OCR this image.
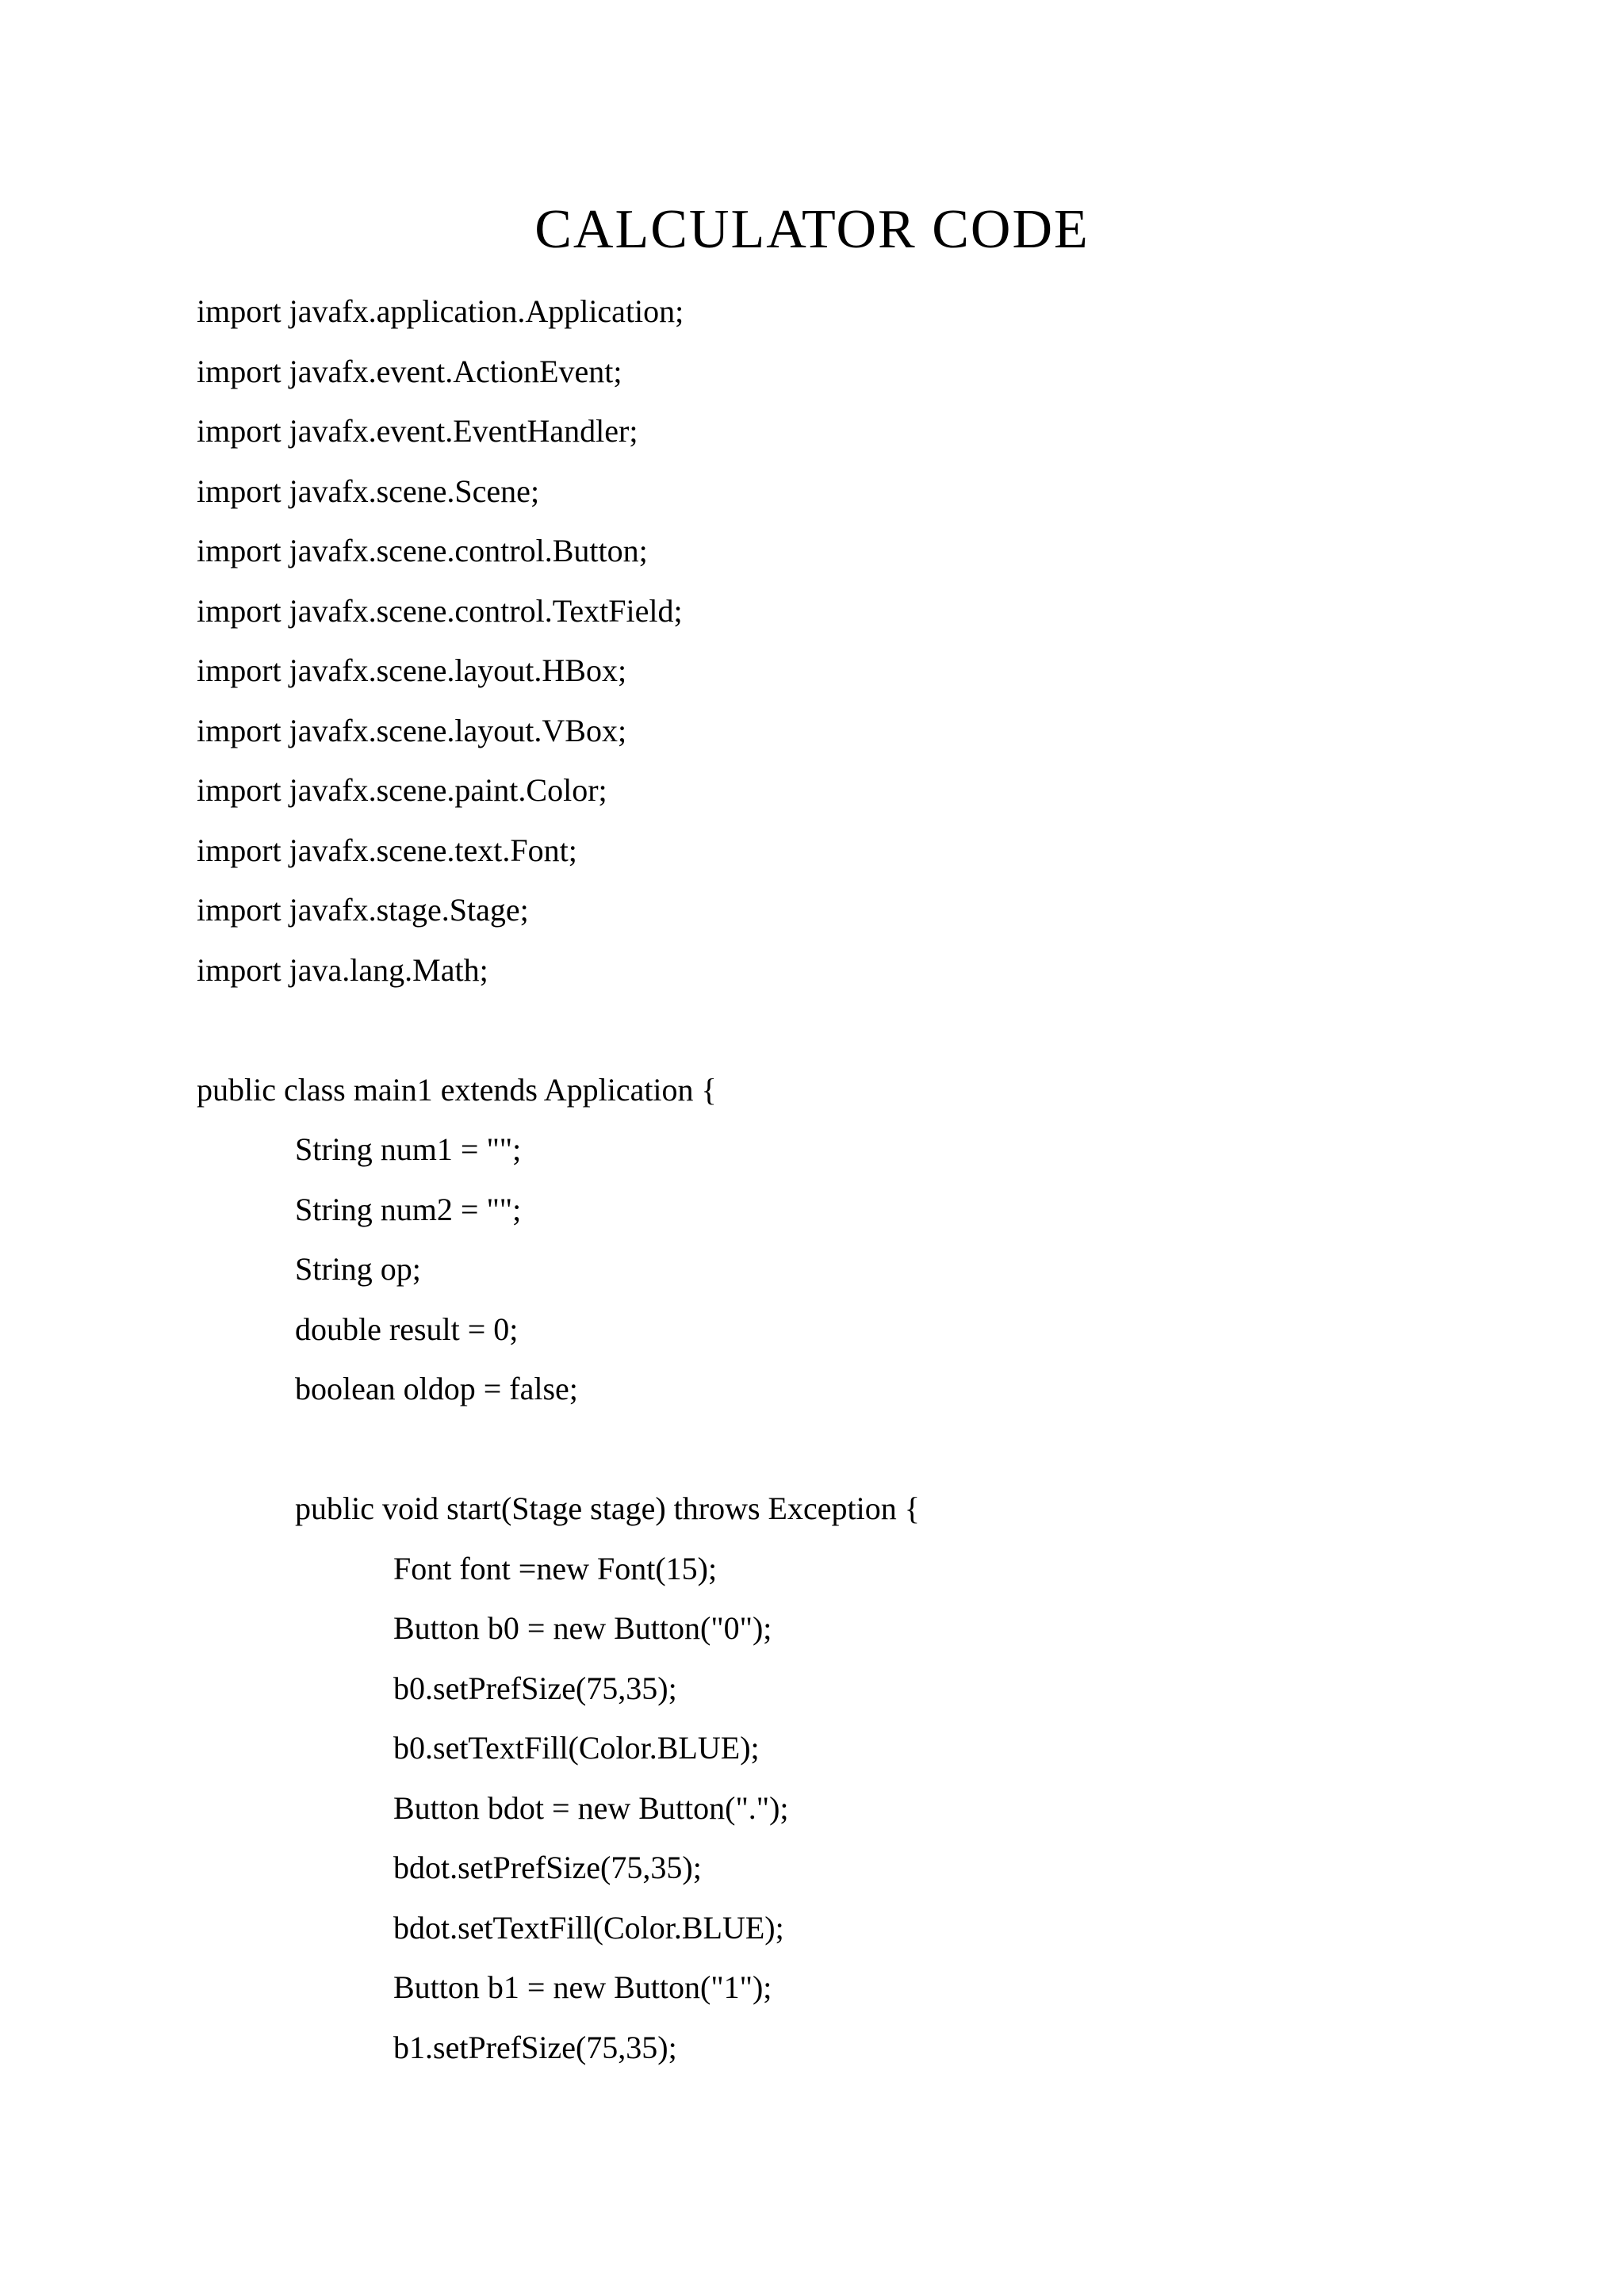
CALCULATOR CODE
import javafx.application.Application;
import javafx.event.ActionEvent;
import javafx.event.EventHandler;
import javafx.scene.Scene;
import javafx.scene.control.Button;
import javafx.scene.control.TextField;
import javafx.scene.layout.HBox;
import javafx.scene.layout.VBox;
import javafx.scene.paint.Color;
import javafx.scene.text.Font;
import javafx.stage.Stage;
import java.lang.Math;
public class main1 extends Application {
String num1 = "";
String num2 = "";
String op;
double result = 0;
boolean oldop = false;
public void start(Stage stage) throws Exception {
Font font =new Font(15);
Button b0 = new Button("0");
b0.setPrefSize(75,35);
b0.setTextFill(Color.BLUE);
Button bdot = new Button(".");
bdot.setPrefSize(75,35);
bdot.setTextFill(Color.BLUE);
Button b1 = new Button("1");
b1.setPrefSize(75,35);
